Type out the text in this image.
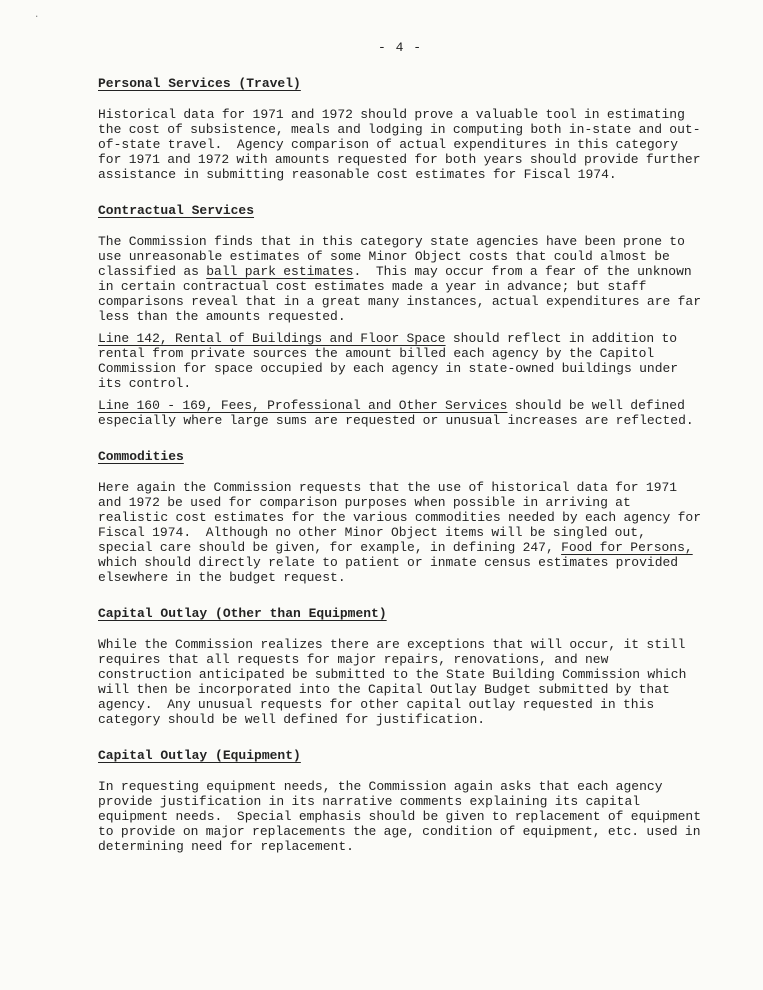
·
- 4 -
Personal Services (Travel)

Historical data for 1971 and 1972 should prove a valuable tool in estimating the cost of subsistence, meals and lodging in computing both in-state and out-of-state travel.  Agency comparison of actual expenditures in this category for 1971 and 1972 with amounts requested for both years should provide further assistance in submitting reasonable cost estimates for Fiscal 1974.

Contractual Services

The Commission finds that in this category state agencies have been prone to use unreasonable estimates of some Minor Object costs that could almost be classified as ball park estimates.  This may occur from a fear of the unknown in certain contractual cost estimates made a year in advance; but staff comparisons reveal that in a great many instances, actual expenditures are far less than the amounts requested.

Line 142, Rental of Buildings and Floor Space should reflect in addition to rental from private sources the amount billed each agency by the Capitol Commission for space occupied by each agency in state-owned buildings under its control.

Line 160 - 169, Fees, Professional and Other Services should be well defined especially where large sums are requested or unusual increases are reflected.

Commodities

Here again the Commission requests that the use of historical data for 1971 and 1972 be used for comparison purposes when possible in arriving at realistic cost estimates for the various commodities needed by each agency for Fiscal 1974.  Although no other Minor Object items will be singled out, special care should be given, for example, in defining 247, Food for Persons, which should directly relate to patient or inmate census estimates provided elsewhere in the budget request.

Capital Outlay (Other than Equipment)

While the Commission realizes there are exceptions that will occur, it still requires that all requests for major repairs, renovations, and new construction anticipated be submitted to the State Building Commission which will then be incorporated into the Capital Outlay Budget submitted by that agency.  Any unusual requests for other capital outlay requested in this category should be well defined for justification.

Capital Outlay (Equipment)

In requesting equipment needs, the Commission again asks that each agency provide justification in its narrative comments explaining its capital equipment needs.  Special emphasis should be given to replacement of equipment to provide on major replacements the age, condition of equipment, etc. used in determining need for replacement.
